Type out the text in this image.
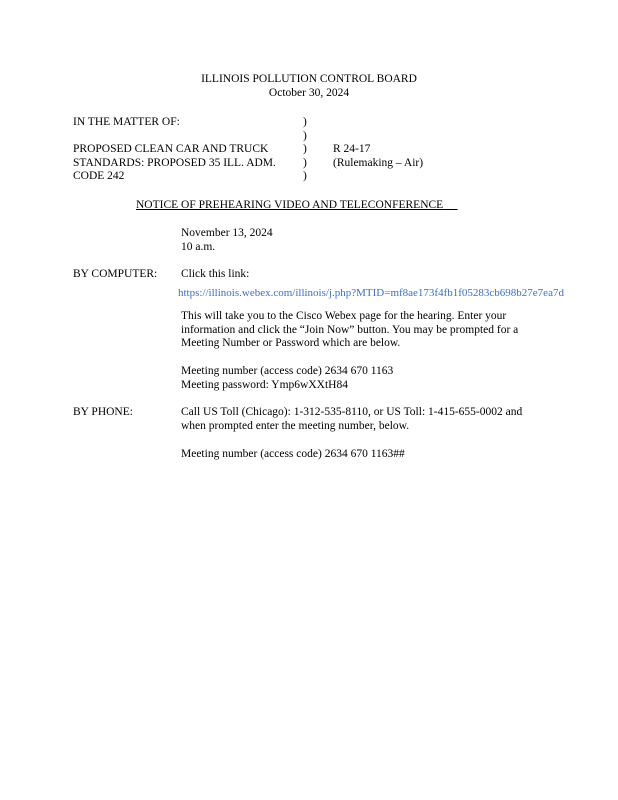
ILLINOIS POLLUTION CONTROL BOARD
October 30, 2024
IN THE MATTER OF:
PROPOSED CLEAN CAR AND TRUCK
STANDARDS: PROPOSED 35 ILL. ADM.
CODE 242
)
)
)
)
)
R 24-17
(Rulemaking – Air)
NOTICE OF PREHEARING VIDEO AND TELECONFERENCE
November 13, 2024
10 a.m.
BY COMPUTER: Click this link:
https://illinois.webex.com/illinois/j.php?MTID=mf8ae173f4fb1f05283cb698b27e7ea7d
This will take you to the Cisco Webex page for the hearing. Enter your
information and click the “Join Now” button. You may be prompted for a
Meeting Number or Password which are below.
Meeting number (access code) 2634 670 1163
Meeting password: Ymp6wXXtH84
BY PHONE:	Call US Toll (Chicago): 1-312-535-8110, or US Toll: 1-415-655-0002 and
when prompted enter the meeting number, below.
Meeting number (access code) 2634 670 1163##
